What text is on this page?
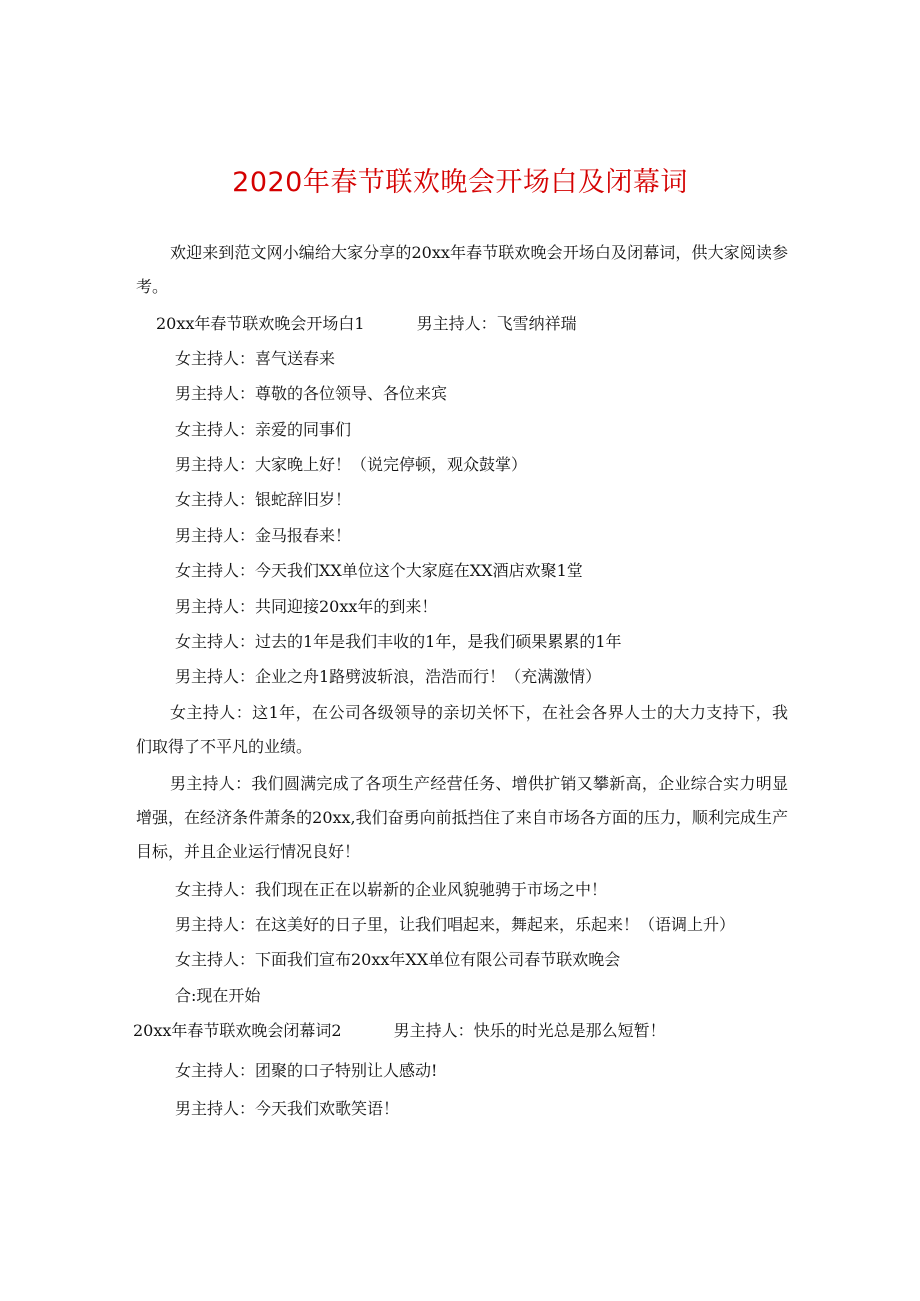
2020年春节联欢晚会开场白及闭幕词
欢迎来到范文网小编给大家分享的20xx年春节联欢晚会开场白及闭幕词，供大家阅读参考。
20xx年春节联欢晚会开场白1	男主持人：飞雪纳祥瑞
女主持人：喜气送春来
男主持人：尊敬的各位领导、各位来宾
女主持人：亲爱的同事们
男主持人：大家晚上好！（说完停顿，观众鼓掌）
女主持人：银蛇辞旧岁！
男主持人：金马报春来！
女主持人：今天我们XX单位这个大家庭在XX酒店欢聚1堂
男主持人：共同迎接20xx年的到来！
女主持人：过去的1年是我们丰收的1年，是我们硕果累累的1年
男主持人：企业之舟1路劈波斩浪，浩浩而行！（充满激情）
女主持人：这1年，在公司各级领导的亲切关怀下，在社会各界人士的大力支持下，我们取得了不平凡的业绩。
男主持人：我们圆满完成了各项生产经营任务、增供扩销又攀新高，企业综合实力明显增强，在经济条件萧条的20xx,我们奋勇向前抵挡住了来自市场各方面的压力，顺利完成生产目标，并且企业运行情况良好！
女主持人：我们现在正在以崭新的企业风貌驰骋于市场之中！
男主持人：在这美好的日子里，让我们唱起来，舞起来，乐起来！（语调上升）
女主持人：下面我们宣布20xx年XX单位有限公司春节联欢晚会
合:现在开始
20xx年春节联欢晚会闭幕词2	男主持人：快乐的时光总是那么短暂！
女主持人：团聚的口子特别让人感动!
男主持人：今天我们欢歌笑语！
